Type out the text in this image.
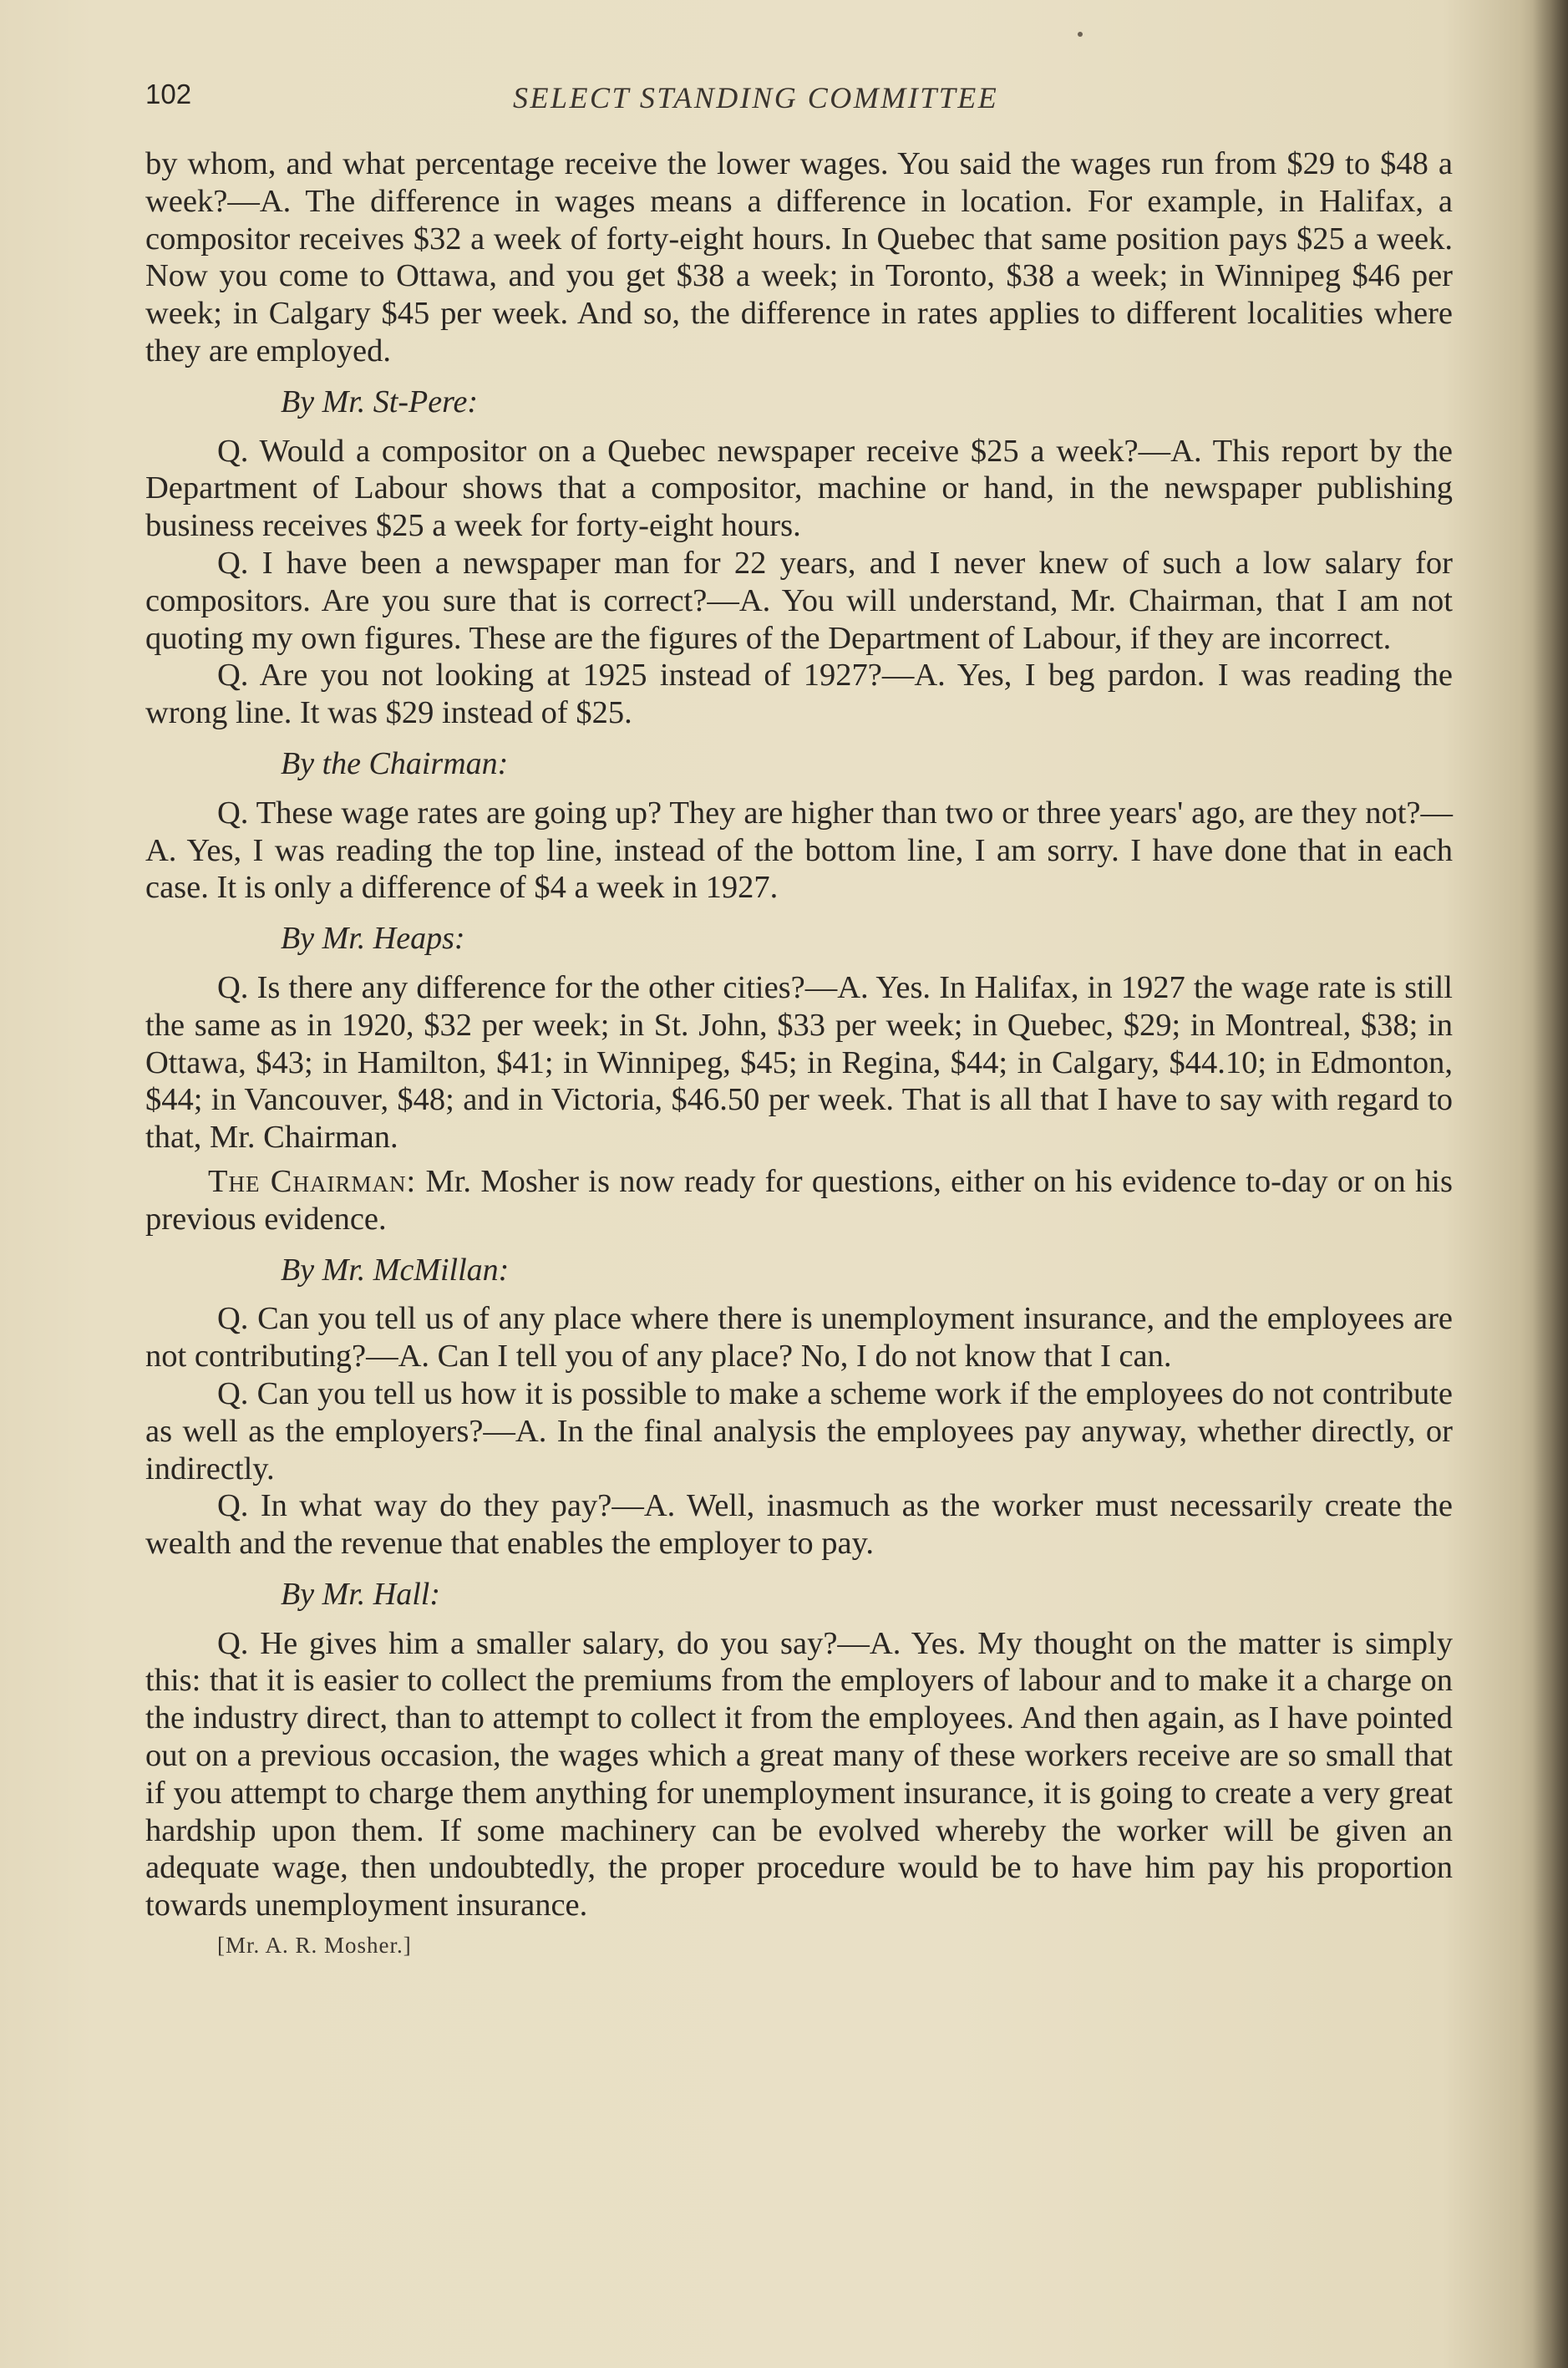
102	SELECT STANDING COMMITTEE

by whom, and what percentage receive the lower wages. You said the wages run from $29 to $48 a week?—A. The difference in wages means a difference in location. For example, in Halifax, a compositor receives $32 a week of forty-eight hours. In Quebec that same position pays $25 a week. Now you come to Ottawa, and you get $38 a week; in Toronto, $38 a week; in Winnipeg $46 per week; in Calgary $45 per week. And so, the difference in rates applies to different localities where they are employed.

By Mr. St-Pere:

Q. Would a compositor on a Quebec newspaper receive $25 a week?—A. This report by the Department of Labour shows that a compositor, machine or hand, in the newspaper publishing business receives $25 a week for forty-eight hours.

Q. I have been a newspaper man for 22 years, and I never knew of such a low salary for compositors. Are you sure that is correct?—A. You will understand, Mr. Chairman, that I am not quoting my own figures. These are the figures of the Department of Labour, if they are incorrect.

Q. Are you not looking at 1925 instead of 1927?—A. Yes, I beg pardon. I was reading the wrong line. It was $29 instead of $25.

By the Chairman:

Q. These wage rates are going up? They are higher than two or three years' ago, are they not?—A. Yes, I was reading the top line, instead of the bottom line, I am sorry. I have done that in each case. It is only a difference of $4 a week in 1927.

By Mr. Heaps:

Q. Is there any difference for the other cities?—A. Yes. In Halifax, in 1927 the wage rate is still the same as in 1920, $32 per week; in St. John, $33 per week; in Quebec, $29; in Montreal, $38; in Ottawa, $43; in Hamilton, $41; in Winnipeg, $45; in Regina, $44; in Calgary, $44.10; in Edmonton, $44; in Vancouver, $48; and in Victoria, $46.50 per week. That is all that I have to say with regard to that, Mr. Chairman.

The Chairman: Mr. Mosher is now ready for questions, either on his evidence to-day or on his previous evidence.

By Mr. McMillan:

Q. Can you tell us of any place where there is unemployment insurance, and the employees are not contributing?—A. Can I tell you of any place? No, I do not know that I can.

Q. Can you tell us how it is possible to make a scheme work if the employees do not contribute as well as the employers?—A. In the final analysis the employees pay anyway, whether directly, or indirectly.

Q. In what way do they pay?—A. Well, inasmuch as the worker must necessarily create the wealth and the revenue that enables the employer to pay.

By Mr. Hall:

Q. He gives him a smaller salary, do you say?—A. Yes. My thought on the matter is simply this: that it is easier to collect the premiums from the employers of labour and to make it a charge on the industry direct, than to attempt to collect it from the employees. And then again, as I have pointed out on a previous occasion, the wages which a great many of these workers receive are so small that if you attempt to charge them anything for unemployment insurance, it is going to create a very great hardship upon them. If some machinery can be evolved whereby the worker will be given an adequate wage, then undoubtedly, the proper procedure would be to have him pay his proportion towards unemployment insurance.

[Mr. A. R. Mosher.]
